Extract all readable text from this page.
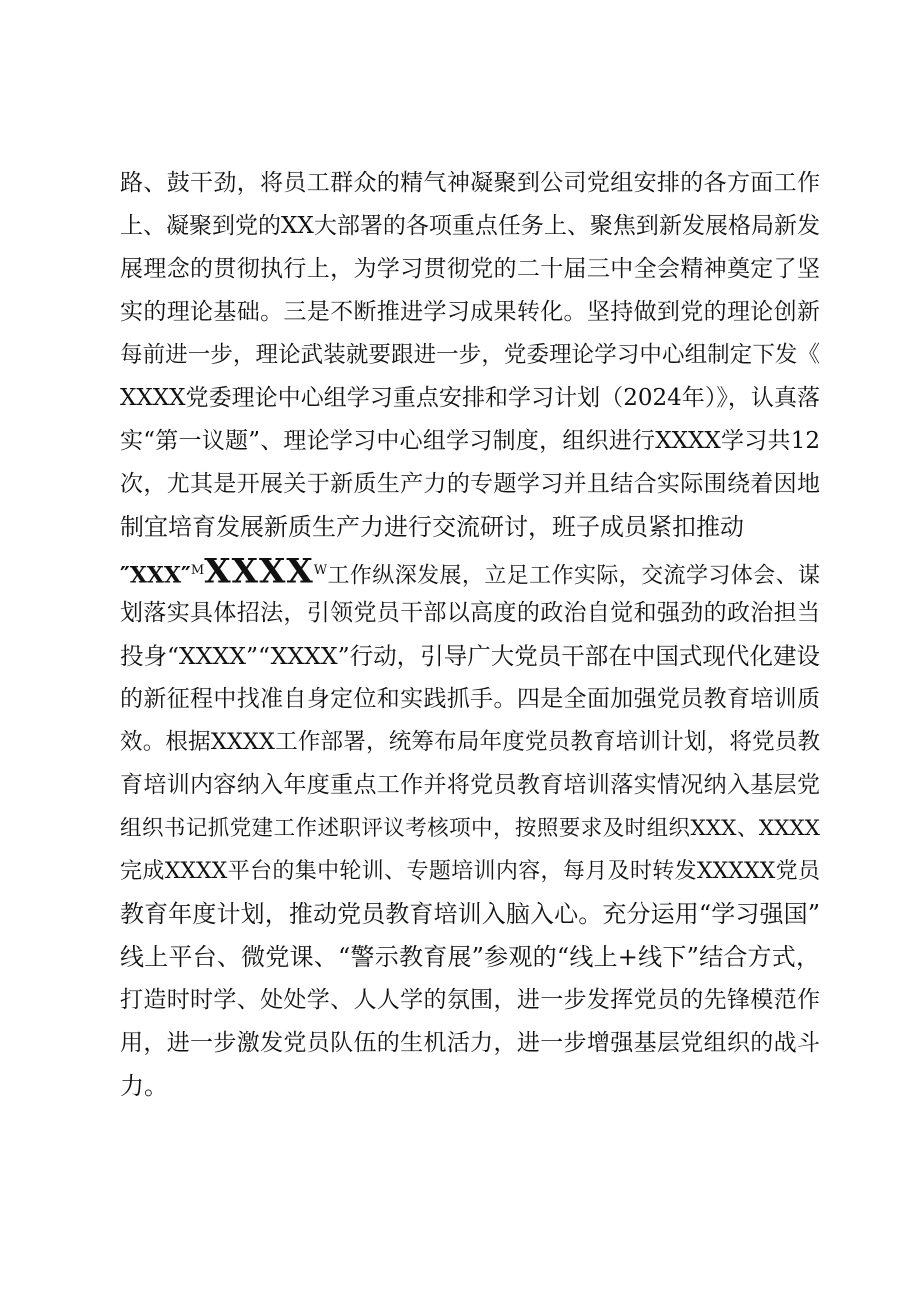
路、鼓干劲，将员工群众的精气神凝聚到公司党组安排的各方面工作
上、凝聚到党的XX大部署的各项重点任务上、聚焦到新发展格局新发
展理念的贯彻执行上，为学习贯彻党的二十届三中全会精神奠定了坚
实的理论基础。三是不断推进学习成果转化。坚持做到党的理论创新
每前进一步，理论武装就要跟进一步，党委理论学习中心组制定下发《
XXXX党委理论中心组学习重点安排和学习计划（2024年）》，认真落
实“第一议题”、理论学习中心组学习制度，组织进行XXXX学习共12
次，尤其是开展关于新质生产力的专题学习并且结合实际围绕着因地
制宜培育发展新质生产力进行交流研讨，班子成员紧扣推动
$''XXX''^MXXXX^W$工作纵深发展，立足工作实际，交流学习体会、谋
划落实具体招法，引领党员干部以高度的政治自觉和强劲的政治担当
投身“XXXX”“XXXX”行动，引导广大党员干部在中国式现代化建设
的新征程中找准自身定位和实践抓手。四是全面加强党员教育培训质
效。根据XXXX工作部署，统筹布局年度党员教育培训计划，将党员教
育培训内容纳入年度重点工作并将党员教育培训落实情况纳入基层党
组织书记抓党建工作述职评议考核项中，按照要求及时组织XXX、XXXX
完成XXXX平台的集中轮训、专题培训内容，每月及时转发XXXXX党员
教育年度计划，推动党员教育培训入脑入心。充分运用“学习强国”
线上平台、微党课、“警示教育展”参观的“线上+线下”结合方式，
打造时时学、处处学、人人学的氛围，进一步发挥党员的先锋模范作
用，进一步激发党员队伍的生机活力，进一步增强基层党组织的战斗
力。
